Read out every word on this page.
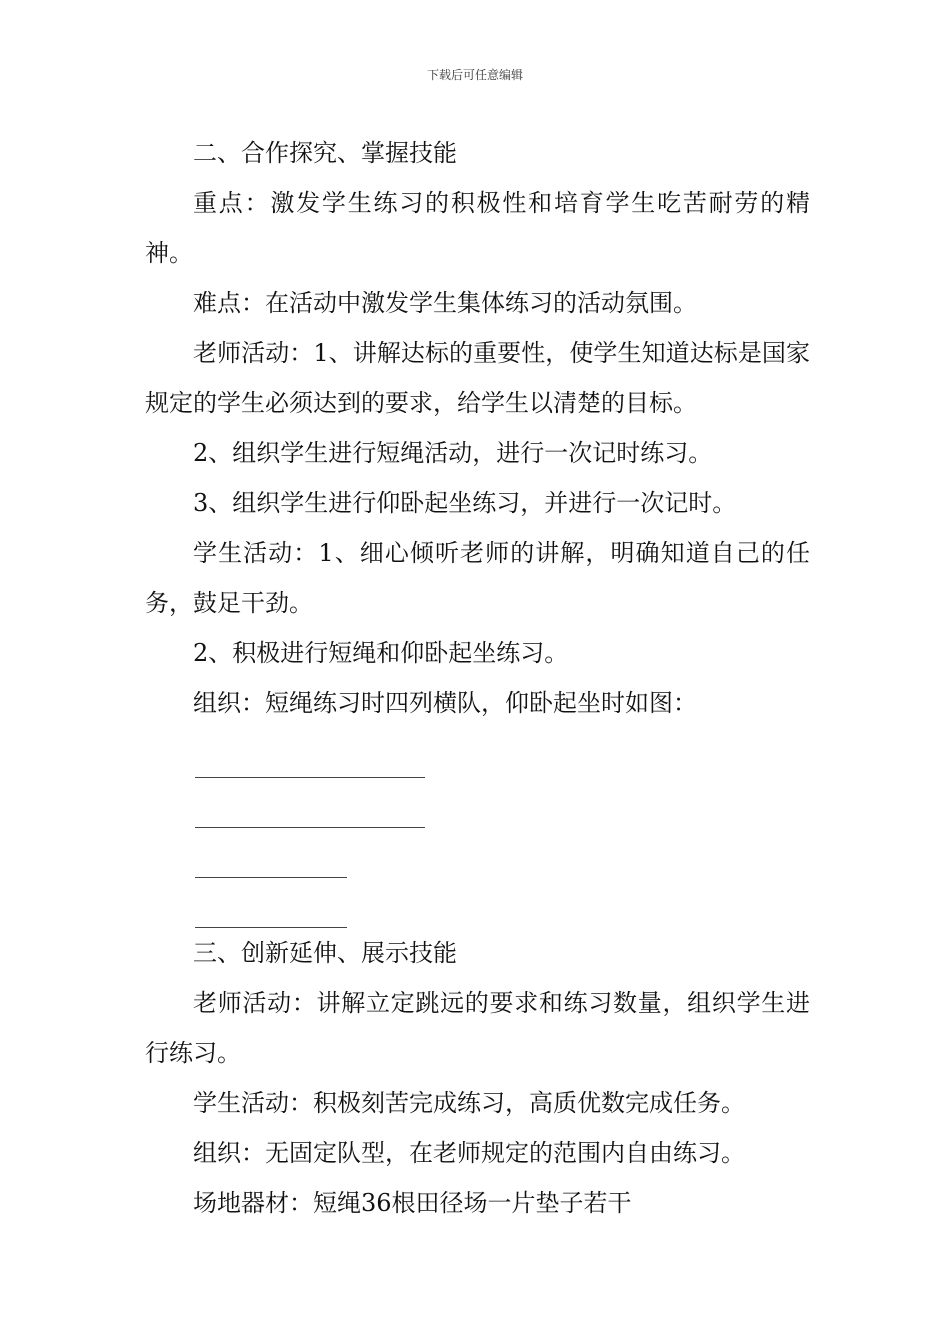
下载后可任意编辑

二、合作探究、掌握技能

重点：激发学生练习的积极性和培育学生吃苦耐劳的精神。

难点：在活动中激发学生集体练习的活动氛围。

老师活动：1、讲解达标的重要性，使学生知道达标是国家规定的学生必须达到的要求，给学生以清楚的目标。

2、组织学生进行短绳活动，进行一次记时练习。

3、组织学生进行仰卧起坐练习，并进行一次记时。

学生活动：1、细心倾听老师的讲解，明确知道自己的任务，鼓足干劲。

2、积极进行短绳和仰卧起坐练习。

组织：短绳练习时四列横队，仰卧起坐时如图：

三、创新延伸、展示技能

老师活动：讲解立定跳远的要求和练习数量，组织学生进行练习。

学生活动：积极刻苦完成练习，高质优数完成任务。

组织：无固定队型，在老师规定的范围内自由练习。

场地器材：短绳36根田径场一片垫子若干
